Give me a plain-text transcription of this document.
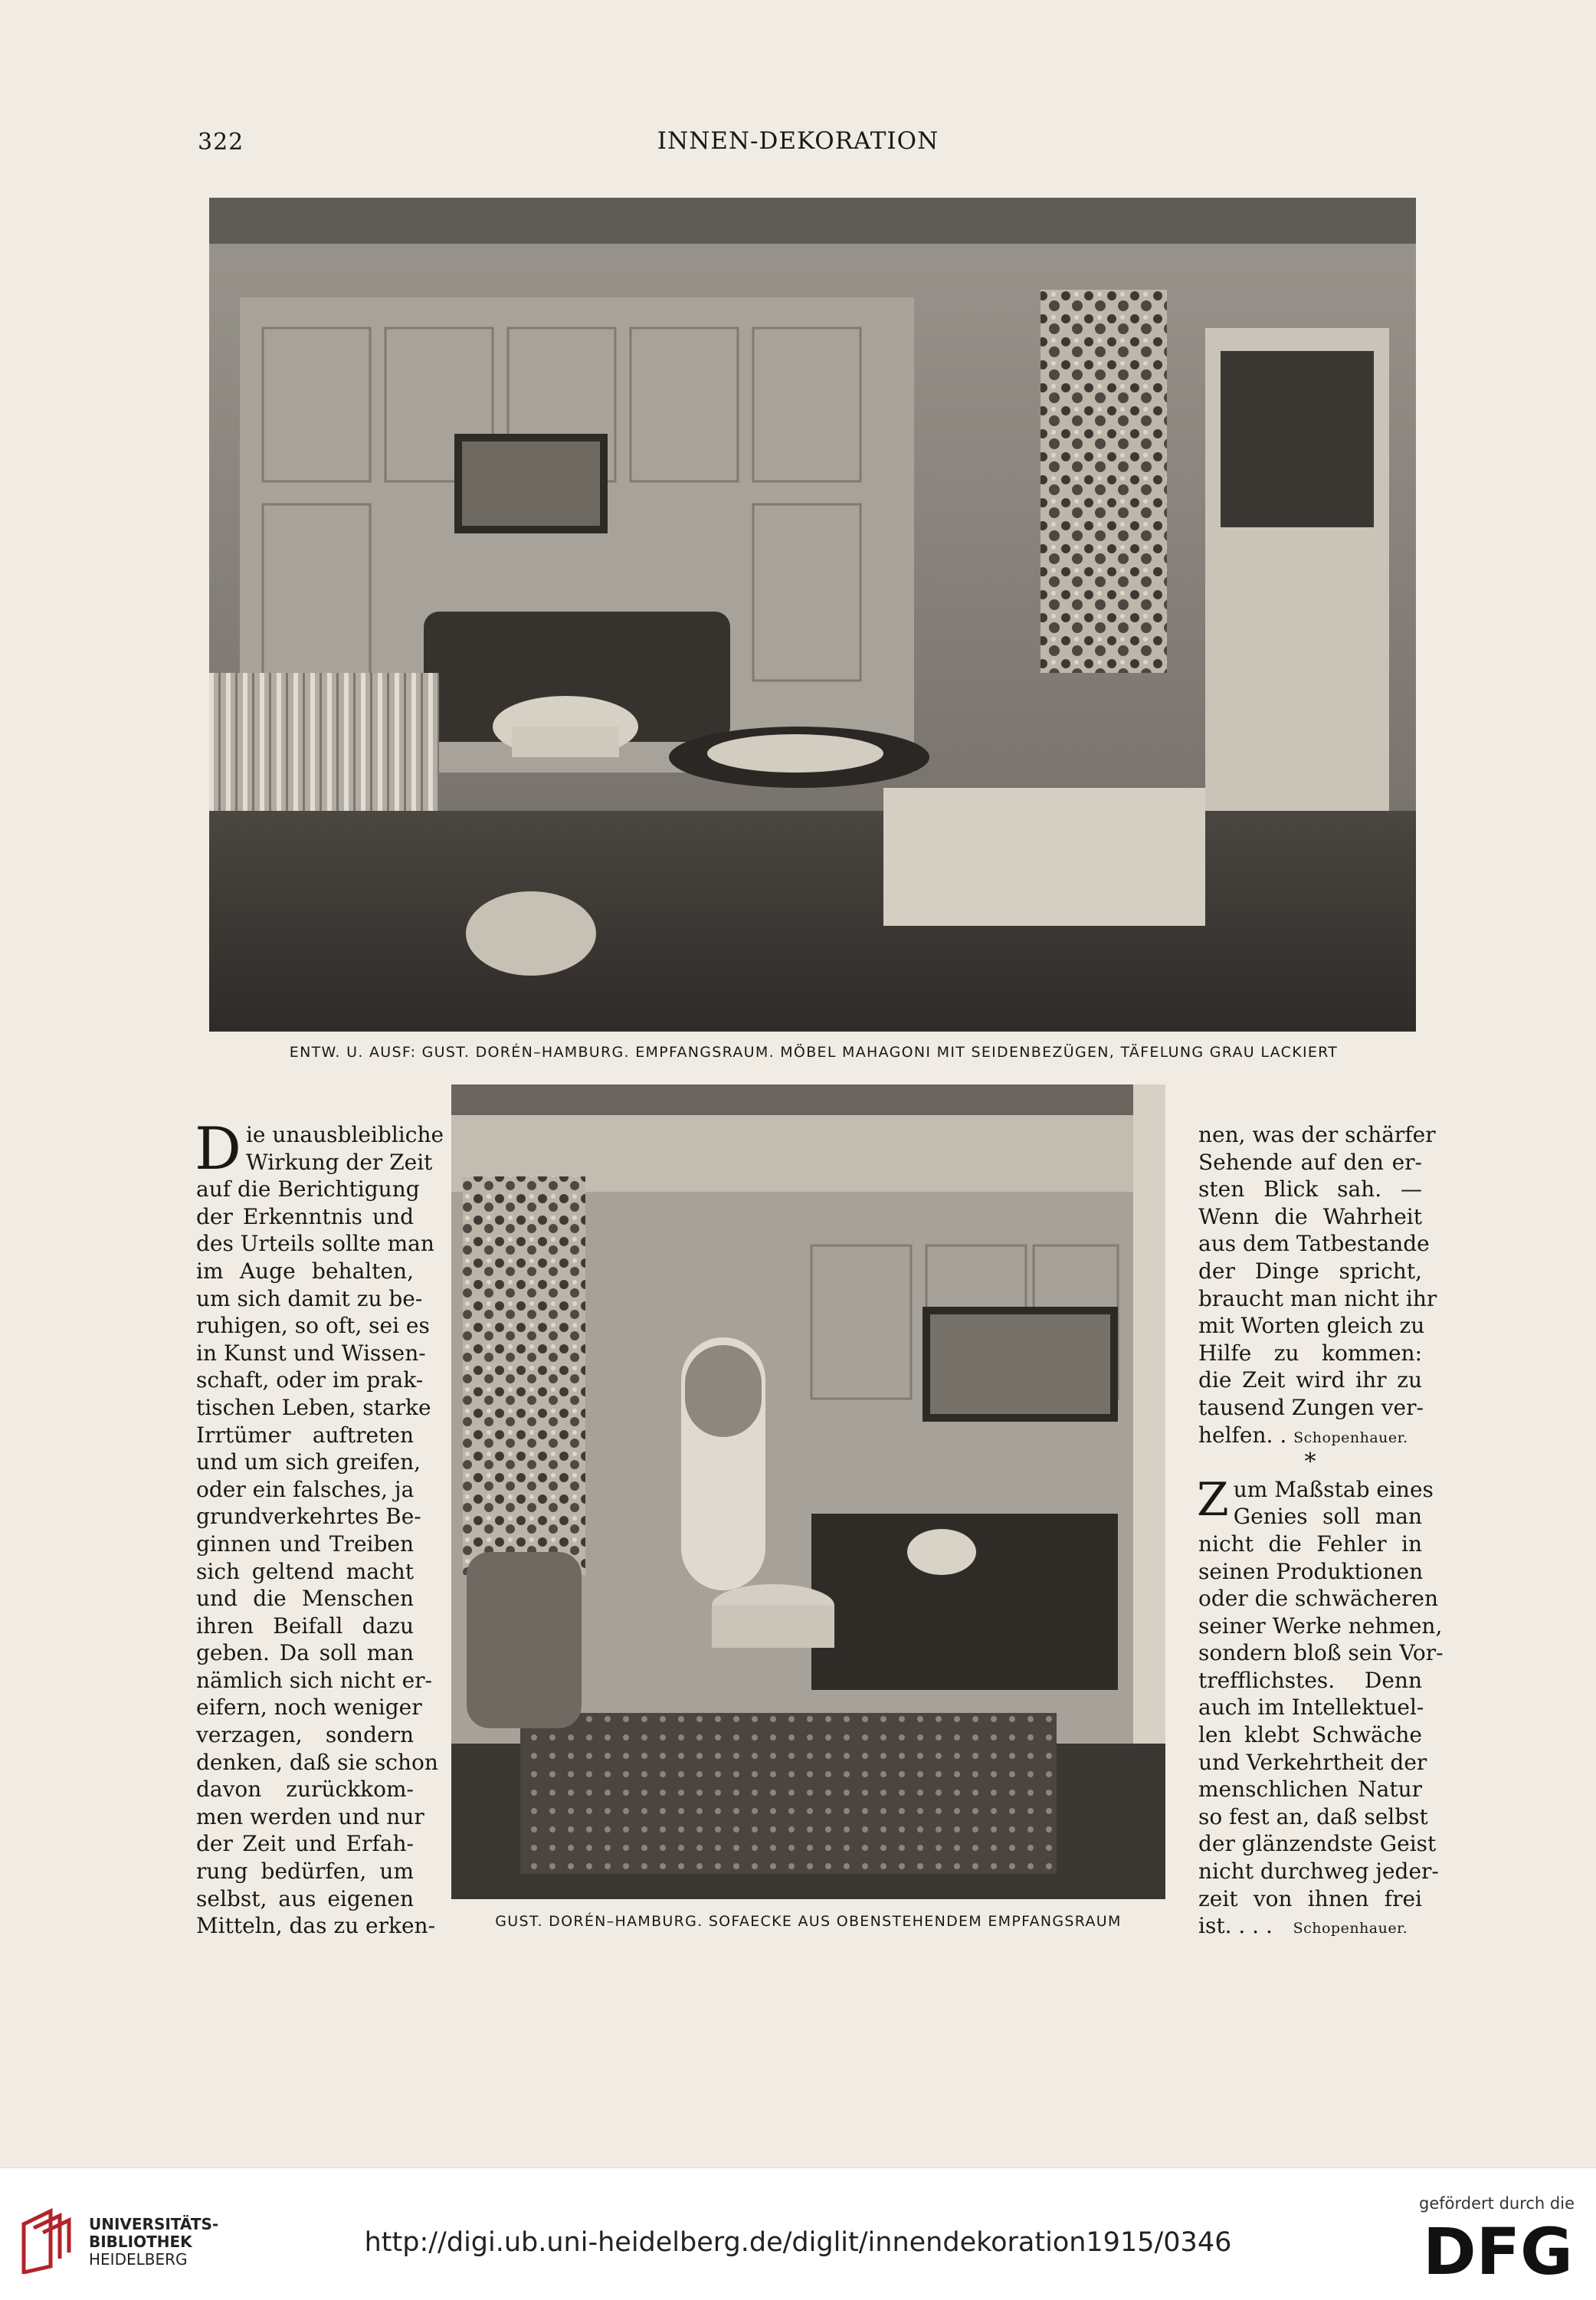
322	INNEN-DEKORATION
ENTW. U. AUSF: GUST. DORÉN–HAMBURG. EMPFANGSRAUM. MÖBEL MAHAGONI MIT SEIDENBEZÜGEN, TÄFELUNG GRAU LACKIERT
D ie unausbleibliche
Wirkung der Zeit
auf die Berichtigung
der Erkenntnis und
des Urteils sollte man
im Auge behalten,
um sich damit zu be-
ruhigen, so oft, sei es
in Kunst und Wissen-
schaft, oder im prak-
tischen Leben, starke
Irrtümer auftreten
und um sich greifen,
oder ein falsches, ja
grundverkehrtes Be-
ginnen und Treiben
sich geltend macht
und die Menschen
ihren Beifall dazu
geben. Da soll man
nämlich sich nicht er-
eifern, noch weniger
verzagen, sondern
denken, daß sie schon
davon zurückkom-
men werden und nur
der Zeit und Erfah-
rung bedürfen, um
selbst, aus eigenen
Mitteln, das zu erken-	GUST. DORÉN–HAMBURG. SOFAECKE AUS OBENSTEHENDEM EMPFANGSRAUM
nen, was der schärfer
Sehende auf den er-
sten Blick sah. —
Wenn die Wahrheit
aus dem Tatbestande
der Dinge spricht,
braucht man nicht ihr
mit Worten gleich zu
Hilfe zu kommen:
die Zeit wird ihr zu
tausend Zungen ver-
helfen. . Schopenhauer.
*
Z um Maßstab eines
Genies soll man
nicht die Fehler in
seinen Produktionen
oder die schwächeren
seiner Werke nehmen,
sondern bloß sein Vor-
trefflichstes. Denn
auch im Intellektuel-
len klebt Schwäche
und Verkehrtheit der
menschlichen Natur
so fest an, daß selbst
der glänzendste Geist
nicht durchweg jeder-
zeit von ihnen frei
ist. . . . Schopenhauer.
UNIVERSITÄTS-
BIBLIOTHEK
HEIDELBERG
http://digi.ub.uni-heidelberg.de/diglit/innendekoration1915/0346
gefördert durch die
DFG
